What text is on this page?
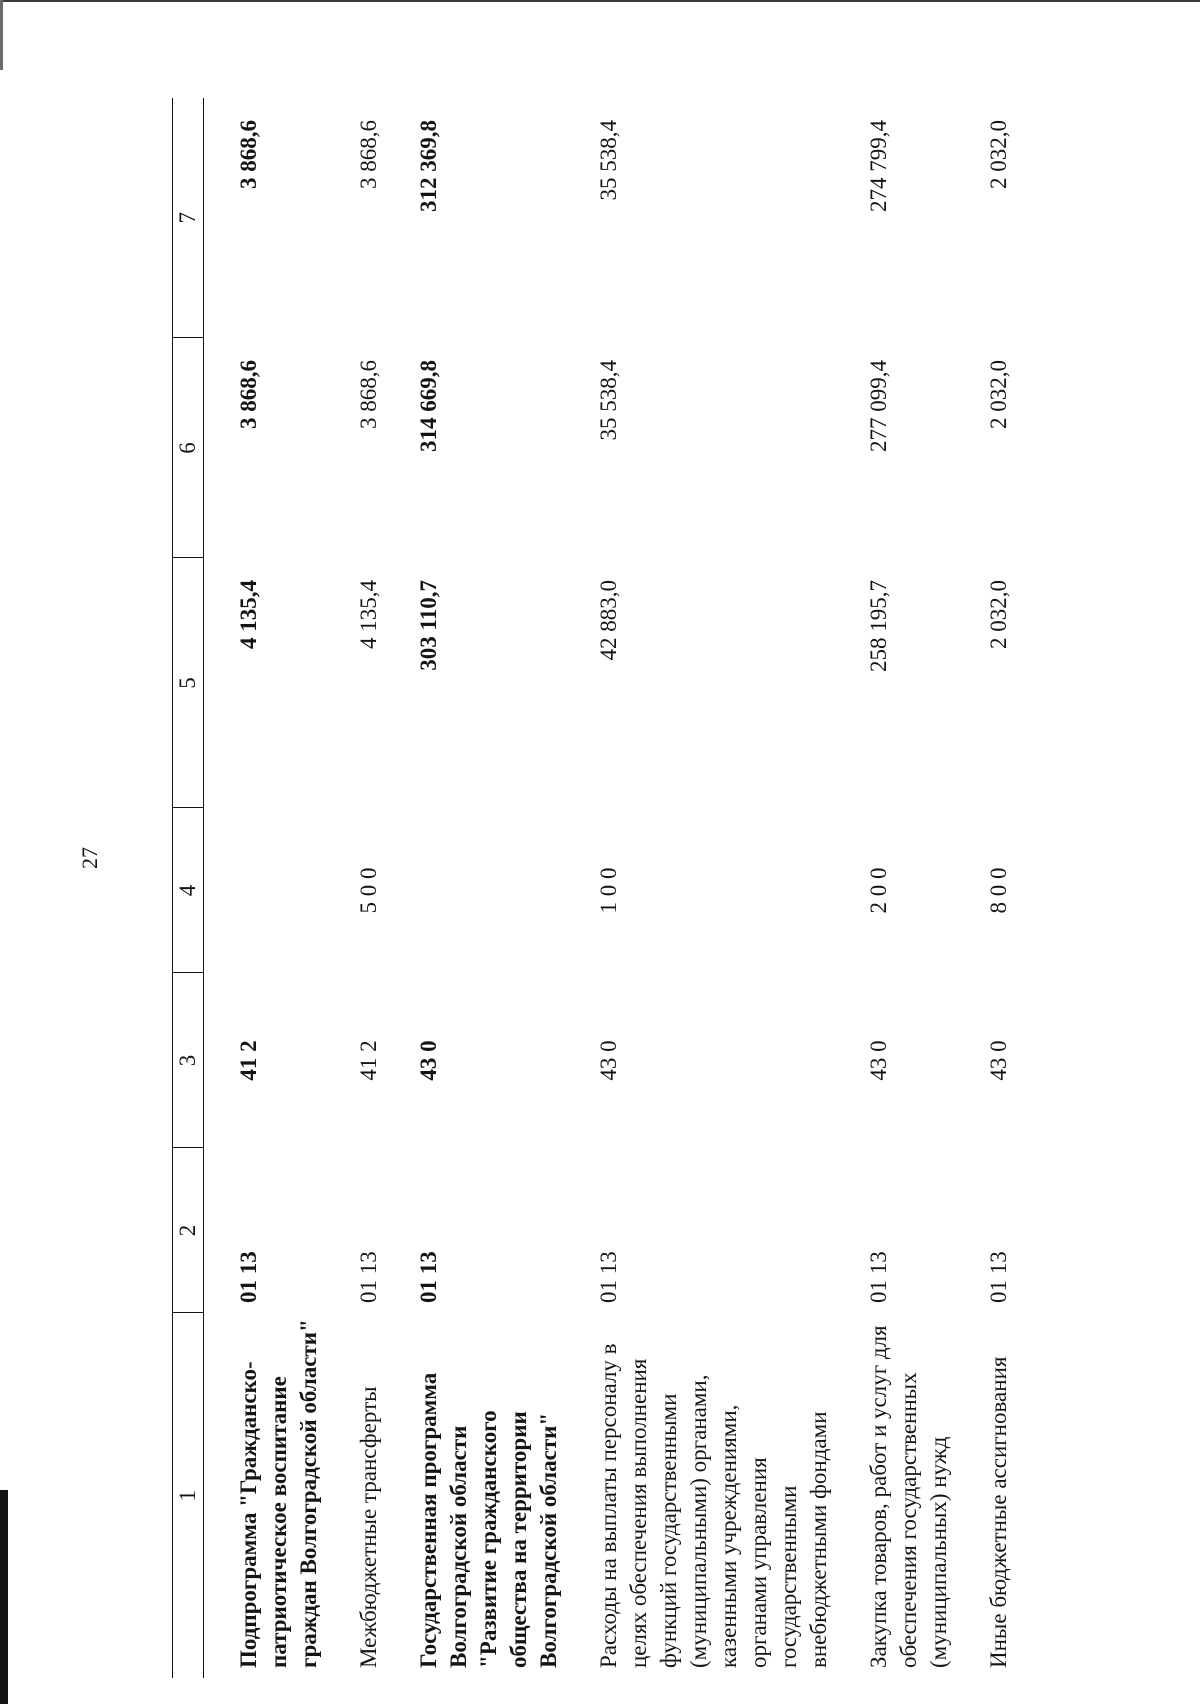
27
1	2	3	4	5	6	7
Подпрограмма "Гражданско-патриотическое воспитание граждан Волгоградской области"	01 13	41 2		4 135,4	3 868,6	3 868,6
Межбюджетные трансферты	01 13	41 2	5 0 0	4 135,4	3 868,6	3 868,6
Государственная программа Волгоградской области "Развитие гражданского общества на территории Волгоградской области"	01 13	43 0		303 110,7	314 669,8	312 369,8
Расходы на выплаты персоналу в целях обеспечения выполнения функций государственными (муниципальными) органами, казенными учреждениями, органами управления государственными внебюджетными фондами	01 13	43 0	1 0 0	42 883,0	35 538,4	35 538,4
Закупка товаров, работ и услуг для обеспечения государственных (муниципальных) нужд	01 13	43 0	2 0 0	258 195,7	277 099,4	274 799,4
Иные бюджетные ассигнования	01 13	43 0	8 0 0	2 032,0	2 032,0	2 032,0
